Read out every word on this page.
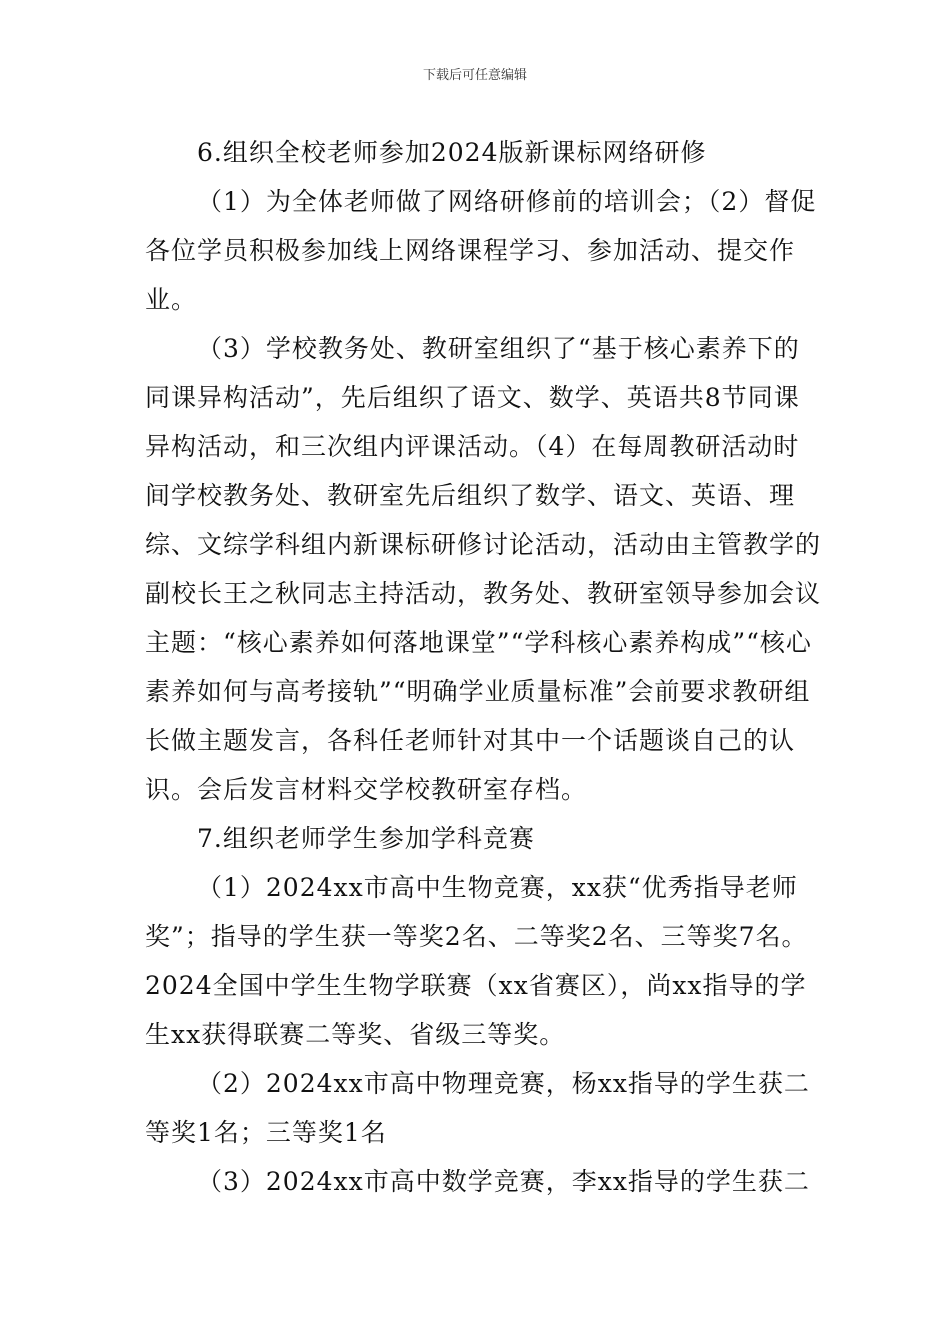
下载后可任意编辑

6.组织全校老师参加2024版新课标网络研修

（1）为全体老师做了网络研修前的培训会；（2）督促各位学员积极参加线上网络课程学习、参加活动、提交作业。

（3）学校教务处、教研室组织了“基于核心素养下的同课异构活动”，先后组织了语文、数学、英语共8节同课异构活动，和三次组内评课活动。（4）在每周教研活动时间学校教务处、教研室先后组织了数学、语文、英语、理综、文综学科组内新课标研修讨论活动，活动由主管教学的副校长王之秋同志主持活动，教务处、教研室领导参加会议主题：“核心素养如何落地课堂”“学科核心素养构成”“核心素养如何与高考接轨”“明确学业质量标准”会前要求教研组长做主题发言，各科任老师针对其中一个话题谈自己的认识。会后发言材料交学校教研室存档。

7.组织老师学生参加学科竞赛

（1）2024xx市高中生物竞赛，xx获“优秀指导老师奖”；指导的学生获一等奖2名、二等奖2名、三等奖7名。2024全国中学生生物学联赛（xx省赛区），尚xx指导的学生xx获得联赛二等奖、省级三等奖。

（2）2024xx市高中物理竞赛，杨xx指导的学生获二等奖1名；三等奖1名

（3）2024xx市高中数学竞赛，李xx指导的学生获二
